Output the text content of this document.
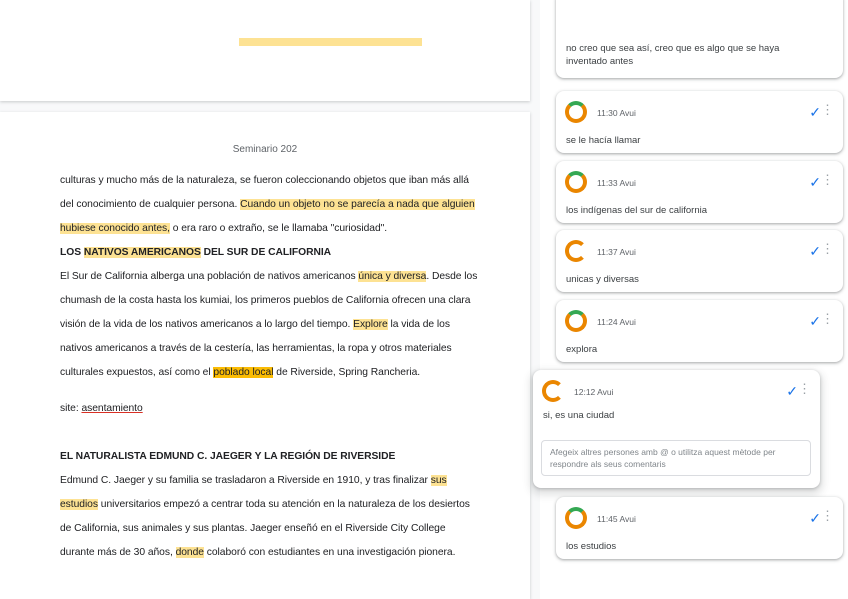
Seminario 202

culturas y mucho más de la naturaleza, se fueron coleccionando objetos que iban más allá

del conocimiento de cualquier persona. Cuando un objeto no se parecía a nada que alguien

hubiese conocido antes, o era raro o extraño, se le llamaba "curiosidad".

LOS NATIVOS AMERICANOS DEL SUR DE CALIFORNIA

El Sur de California alberga una población de nativos americanos única y diversa. Desde los

chumash de la costa hasta los kumiai, los primeros pueblos de California ofrecen una clara

visión de la vida de los nativos americanos a lo largo del tiempo. Explore la vida de los

nativos americanos a través de la cestería, las herramientas, la ropa y otros materiales

culturales expuestos, así como el poblado local de Riverside, Spring Rancheria.

site: asentamiento

EL NATURALISTA EDMUND C. JAEGER Y LA REGIÓN DE RIVERSIDE

Edmund C. Jaeger y su familia se trasladaron a Riverside en 1910, y tras finalizar sus

estudios universitarios empezó a centrar toda su atención en la naturaleza de los desiertos

de California, sus animales y sus plantas. Jaeger enseñó en el Riverside City College

durante más de 30 años, donde colaboró con estudiantes en una investigación pionera.

no creo que sea así, creo que es algo que se haya
inventado antes
11:30 Avui	✓ ⋮
se le hacía llamar
11:33 Avui	✓ ⋮
los indígenas del sur de california
11:37 Avui	✓ ⋮
unicas y diversas
11:24 Avui	✓ ⋮
explora
12:12 Avui	✓ ⋮
si, es una ciudad
Afegeix altres persones amb @ o utilitza aquest mètode per respondre als seus comentaris
11:45 Avui	✓ ⋮
los estudios
